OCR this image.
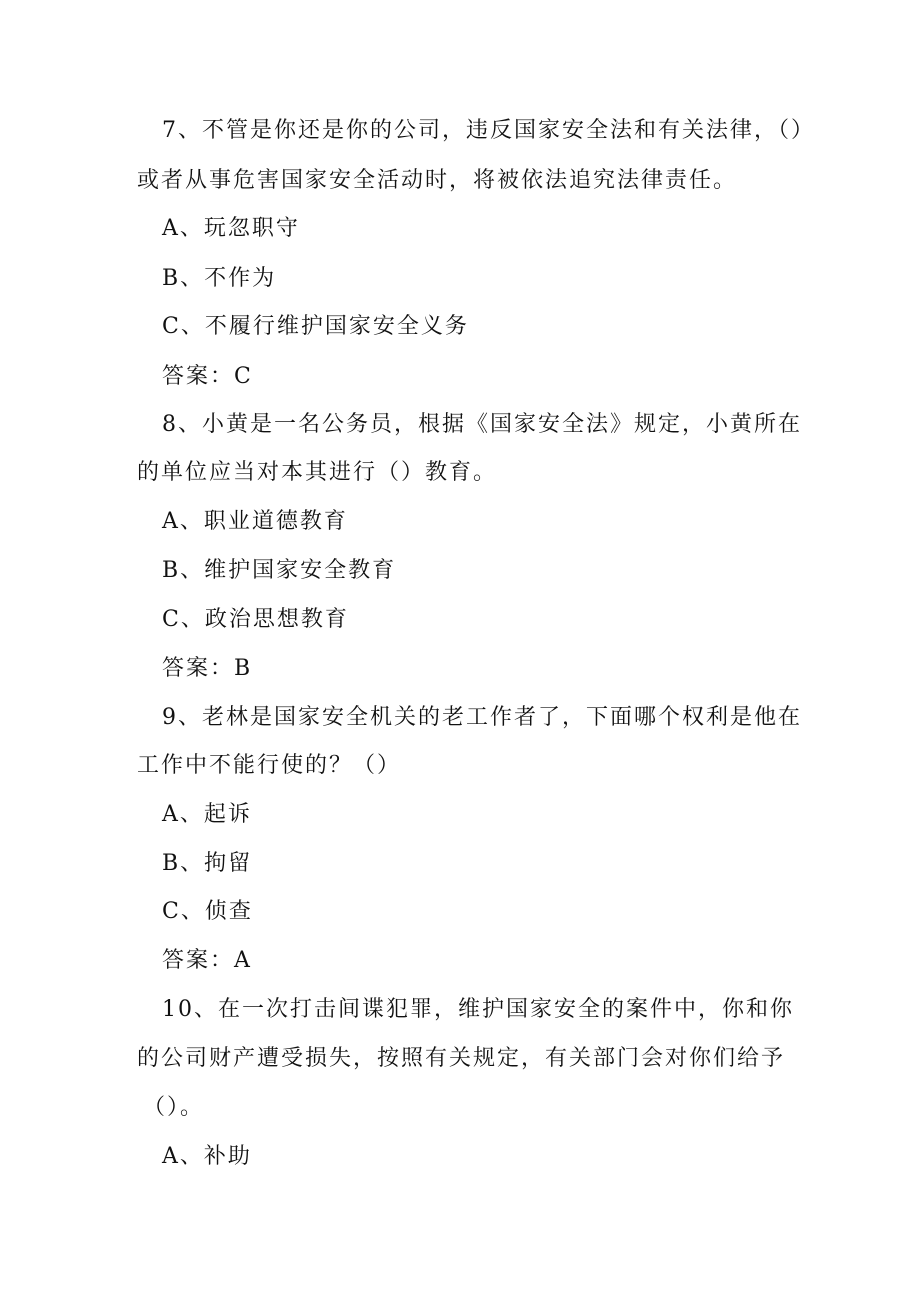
7、不管是你还是你的公司，违反国家安全法和有关法律，（）
或者从事危害国家安全活动时，将被依法追究法律责任。
A、玩忽职守
B、不作为
C、不履行维护国家安全义务
答案：C
8、小黄是一名公务员，根据《国家安全法》规定，小黄所在
的单位应当对本其进行（）教育。
A、职业道德教育
B、维护国家安全教育
C、政治思想教育
答案：B
9、老林是国家安全机关的老工作者了，下面哪个权利是他在
工作中不能行使的？（）
A、起诉
B、拘留
C、侦查
答案：A
10、在一次打击间谍犯罪，维护国家安全的案件中，你和你
的公司财产遭受损失，按照有关规定，有关部门会对你们给予
（）。
A、补助
